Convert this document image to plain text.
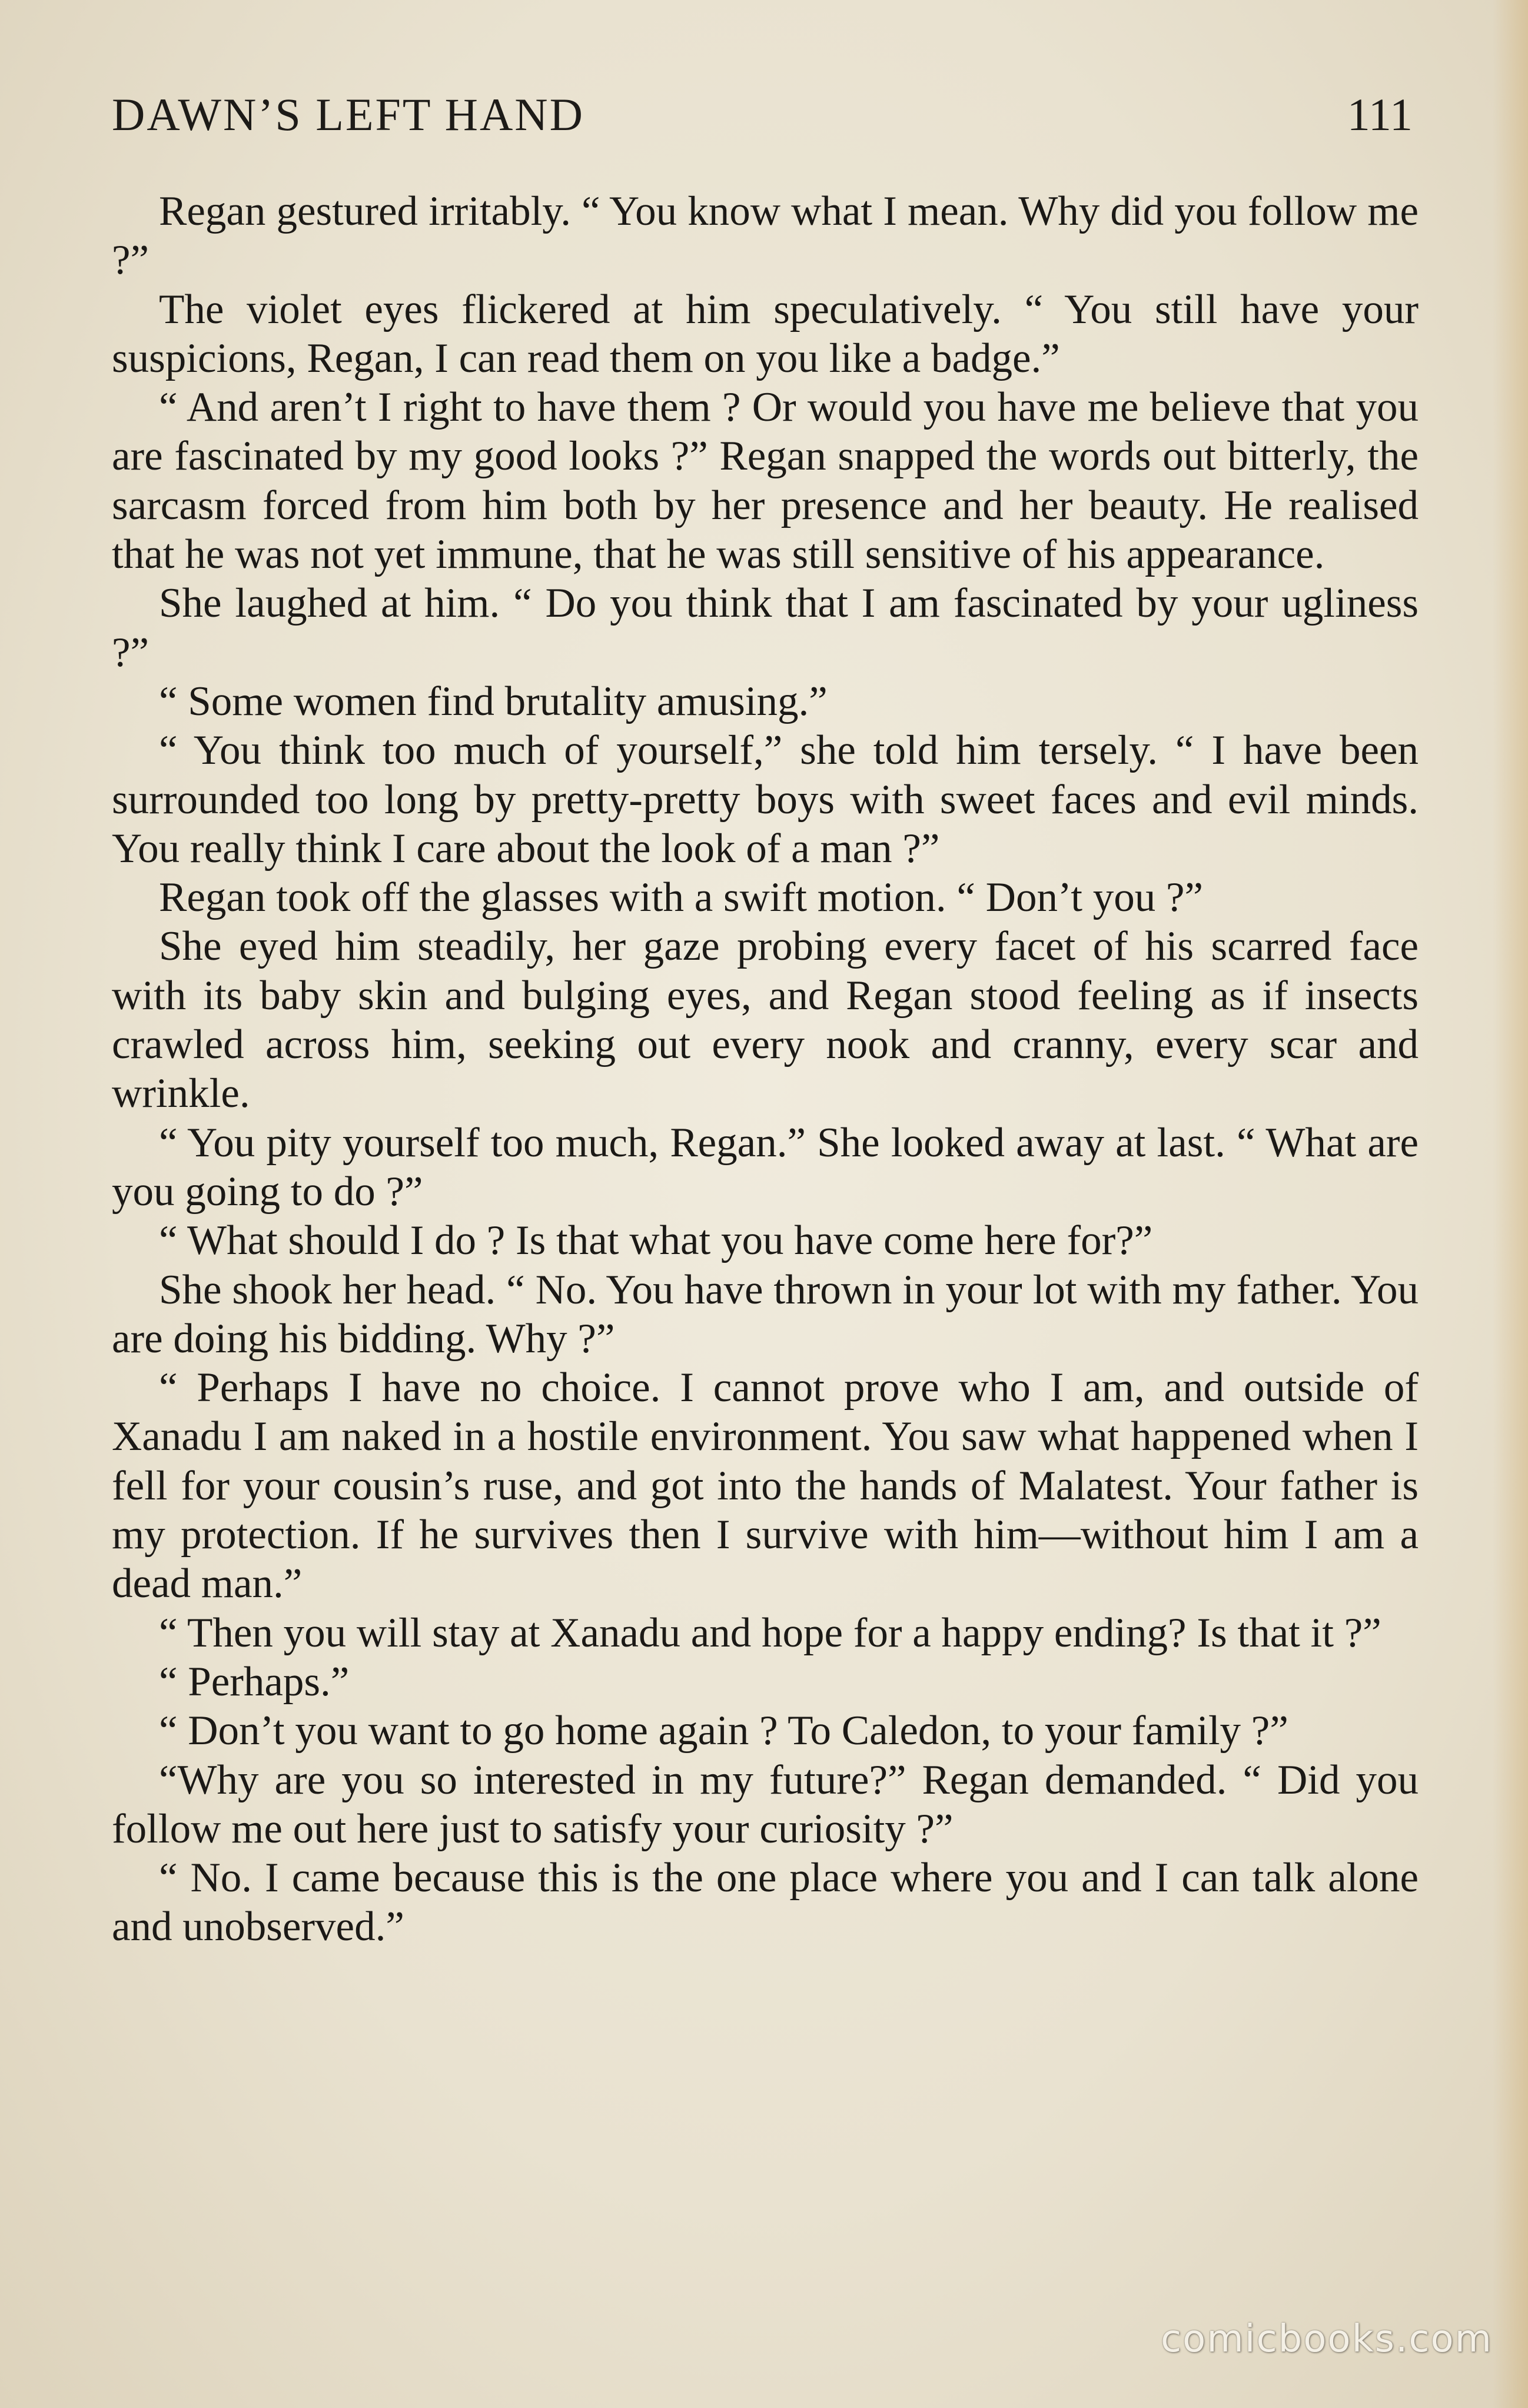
DAWN’S LEFT HAND	111

Regan gestured irritably. “ You know what I mean. Why did you follow me ?”

The violet eyes flickered at him speculatively. “ You still have your suspicions, Regan, I can read them on you like a badge.”

“ And aren’t I right to have them ? Or would you have me believe that you are fascinated by my good looks ?” Regan snapped the words out bitterly, the sarcasm forced from him both by her presence and her beauty. He realised that he was not yet immune, that he was still sensitive of his appearance.

She laughed at him. “ Do you think that I am fascinated by your ugliness ?”

“ Some women find brutality amusing.”

“ You think too much of yourself,” she told him tersely. “ I have been surrounded too long by pretty-pretty boys with sweet faces and evil minds. You really think I care about the look of a man ?”

Regan took off the glasses with a swift motion. “ Don’t you ?”

She eyed him steadily, her gaze probing every facet of his scarred face with its baby skin and bulging eyes, and Regan stood feeling as if insects crawled across him, seeking out every nook and cranny, every scar and wrinkle.

“ You pity yourself too much, Regan.” She looked away at last. “ What are you going to do ?”

“ What should I do ? Is that what you have come here for?”

She shook her head. “ No. You have thrown in your lot with my father. You are doing his bidding. Why ?”

“ Perhaps I have no choice. I cannot prove who I am, and outside of Xanadu I am naked in a hostile environment. You saw what happened when I fell for your cousin’s ruse, and got into the hands of Malatest. Your father is my protection. If he survives then I survive with him—without him I am a dead man.”

“ Then you will stay at Xanadu and hope for a happy ending? Is that it ?”

“ Perhaps.”

“ Don’t you want to go home again ? To Caledon, to your family ?”

“Why are you so interested in my future?” Regan demanded. “ Did you follow me out here just to satisfy your curiosity ?”

“ No. I came because this is the one place where you and I can talk alone and unobserved.”

comicbooks.com
